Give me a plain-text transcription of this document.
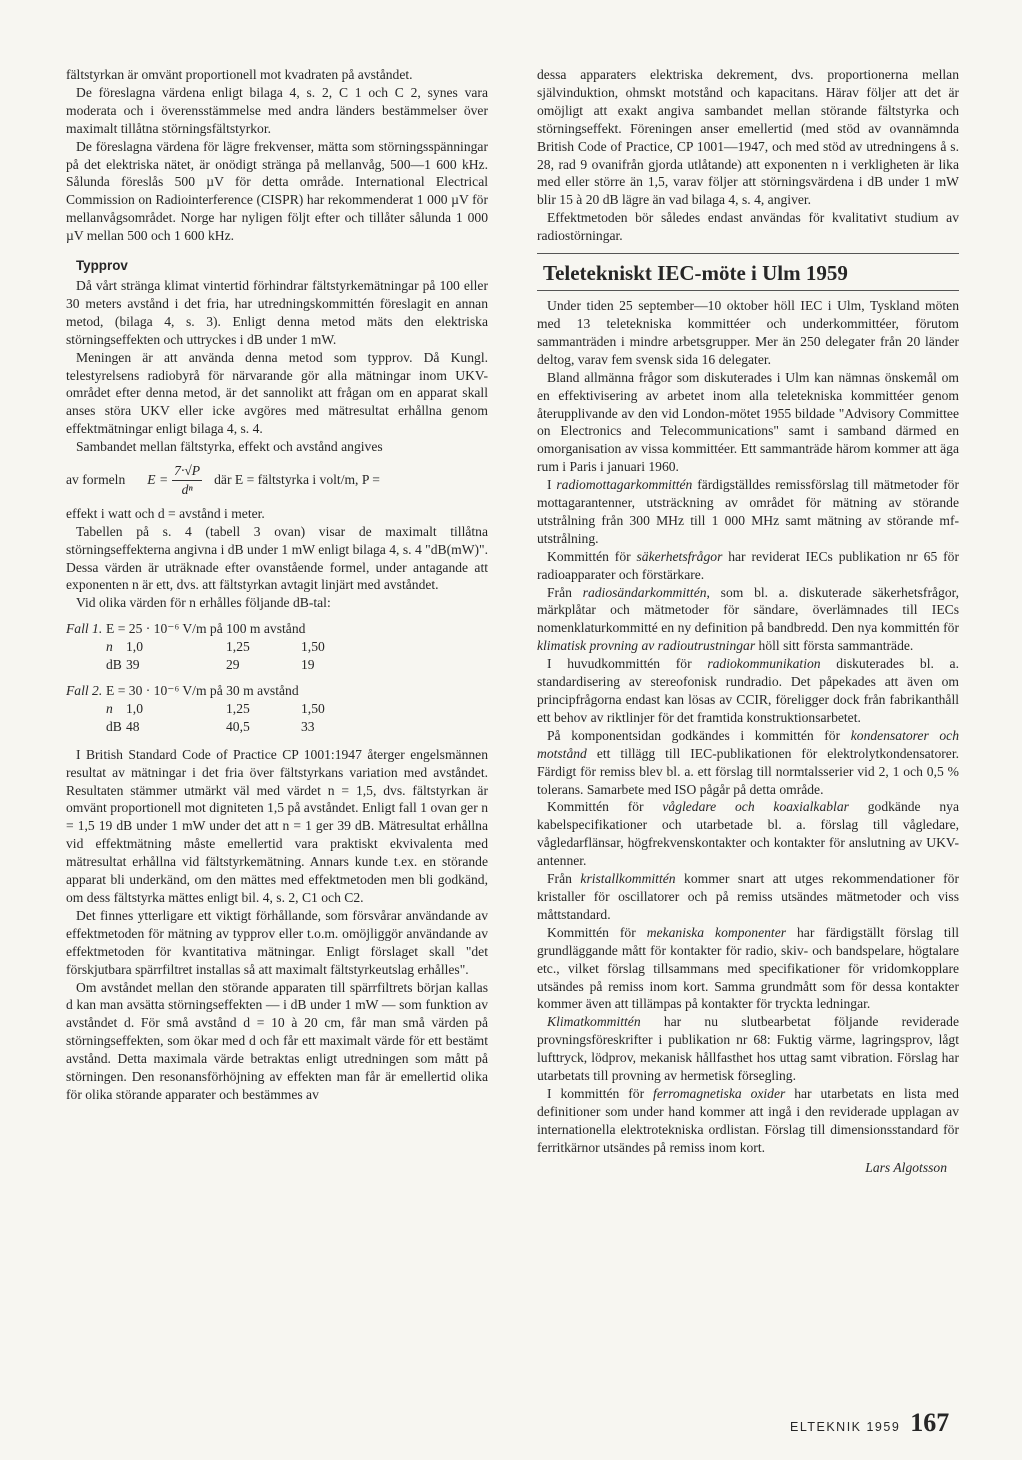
fältstyrkan är omvänt proportionell mot kvadraten på avståndet.

De föreslagna värdena enligt bilaga 4, s. 2, C 1 och C 2, synes vara moderata och i överensstämmelse med andra länders bestämmelser över maximalt tillåtna störningsfältstyrkor.

De föreslagna värdena för lägre frekvenser, mätta som störningsspänningar på det elektriska nätet, är onödigt stränga på mellanvåg, 500—1 600 kHz. Sålunda föreslås 500 µV för detta område. International Electrical Commission on Radiointerference (CISPR) har rekommenderat 1 000 µV för mellanvågsområdet. Norge har nyligen följt efter och tillåter sålunda 1 000 µV mellan 500 och 1 600 kHz.

Typprov

Då vårt stränga klimat vintertid förhindrar fältstyrkemätningar på 100 eller 30 meters avstånd i det fria, har utredningskommittén föreslagit en annan metod, (bilaga 4, s. 3). Enligt denna metod mäts den elektriska störningseffekten och uttryckes i dB under 1 mW.

Meningen är att använda denna metod som typprov. Då Kungl. telestyrelsens radiobyrå för närvarande gör alla mätningar inom UKV-området efter denna metod, är det sannolikt att frågan om en apparat skall anses störa UKV eller icke avgöres med mätresultat erhållna genom effektmätningar enligt bilaga 4, s. 4.

Sambandet mellan fältstyrka, effekt och avstånd angives

av formeln $E = \frac{7\cdot√P}{\text{dⁿ}}$ där E = fältstyrka i volt/m, P =

effekt i watt och d = avstånd i meter.

Tabellen på s. 4 (tabell 3 ovan) visar de maximalt tillåtna störningseffekterna angivna i dB under 1 mW enligt bilaga 4, s. 4 "dB(mW)". Dessa värden är uträknade efter ovanstående formel, under antagande att exponenten n är ett, dvs. att fältstyrkan avtagit linjärt med avståndet.

Vid olika värden för n erhålles följande dB-tal:

Fall 1. E = 25 · 10⁻⁶ V/m på 100 m avstånd
n 1,0	1,25	1,50
dB 39	29	19
Fall 2. E = 30 · 10⁻⁶ V/m på 30 m avstånd
n 1,0	1,25	1,50
dB 48	40,5	33

I British Standard Code of Practice CP 1001:1947 återger engelsmännen resultat av mätningar i det fria över fältstyrkans variation med avståndet. Resultaten stämmer utmärkt väl med värdet n = 1,5, dvs. fältstyrkan är omvänt proportionell mot digniteten 1,5 på avståndet. Enligt fall 1 ovan ger n = 1,5 19 dB under 1 mW under det att n = 1 ger 39 dB. Mätresultat erhållna vid effektmätning måste emellertid vara praktiskt ekvivalenta med mätresultat erhållna vid fältstyrkemätning. Annars kunde t.ex. en störande apparat bli underkänd, om den mättes med effektmetoden men bli godkänd, om dess fältstyrka mättes enligt bil. 4, s. 2, C1 och C2.

Det finnes ytterligare ett viktigt förhållande, som försvårar användande av effektmetoden för mätning av typprov eller t.o.m. omöjliggör användande av effektmetoden för kvantitativa mätningar. Enligt förslaget skall "det förskjutbara spärrfiltret installas så att maximalt fältstyrkeutslag erhålles".

Om avståndet mellan den störande apparaten till spärrfiltrets början kallas d kan man avsätta störningseffekten — i dB under 1 mW — som funktion av avståndet d. För små avstånd d = 10 à 20 cm, får man små värden på störningseffekten, som ökar med d och får ett maximalt värde för ett bestämt avstånd. Detta maximala värde betraktas enligt utredningen som mått på störningen. Den resonansförhöjning av effekten man får är emellertid olika för olika störande apparater och bestämmes av

dessa apparaters elektriska dekrement, dvs. proportionerna mellan självinduktion, ohmskt motstånd och kapacitans. Härav följer att det är omöjligt att exakt angiva sambandet mellan störande fältstyrka och störningseffekt. Föreningen anser emellertid (med stöd av ovannämnda British Code of Practice, CP 1001—1947, och med stöd av utredningens å s. 28, rad 9 ovanifrån gjorda utlåtande) att exponenten n i verkligheten är lika med eller större än 1,5, varav följer att störningsvärdena i dB under 1 mW blir 15 à 20 dB lägre än vad bilaga 4, s. 4, angiver.

Effektmetoden bör således endast användas för kvalitativt studium av radiostörningar.

Teletekniskt IEC-möte i Ulm 1959

Under tiden 25 september—10 oktober höll IEC i Ulm, Tyskland möten med 13 teletekniska kommittéer och underkommittéer, förutom sammanträden i mindre arbetsgrupper. Mer än 250 delegater från 20 länder deltog, varav fem svensk sida 16 delegater.

Bland allmänna frågor som diskuterades i Ulm kan nämnas önskemål om en effektivisering av arbetet inom alla teletekniska kommittéer genom återupplivande av den vid London-mötet 1955 bildade "Advisory Committee on Electronics and Telecommunications" samt i samband därmed en omorganisation av vissa kommittéer. Ett sammanträde härom kommer att äga rum i Paris i januari 1960.

I radiomottagarkommittén färdigställdes remissförslag till mätmetoder för mottagarantenner, utsträckning av området för mätning av störande utstrålning från 300 MHz till 1 000 MHz samt mätning av störande mf-utstrålning.

Kommittén för säkerhetsfrågor har reviderat IECs publikation nr 65 för radioapparater och förstärkare.

Från radiosändarkommittén, som bl. a. diskuterade säkerhetsfrågor, märkplåtar och mätmetoder för sändare, överlämnades till IECs nomenklaturkommitté en ny definition på bandbredd. Den nya kommittén för klimatisk provning av radioutrustningar höll sitt första sammanträde.

I huvudkommittén för radiokommunikation diskuterades bl. a. standardisering av stereofonisk rundradio. Det påpekades att även om principfrågorna endast kan lösas av CCIR, föreligger dock från fabrikanthåll ett behov av riktlinjer för det framtida konstruktionsarbetet.

På komponentsidan godkändes i kommittén för kondensatorer och motstånd ett tillägg till IEC-publikationen för elektrolytkondensatorer. Färdigt för remiss blev bl. a. ett förslag till normtalsserier vid 2, 1 och 0,5 % tolerans. Samarbete med ISO pågår på detta område.

Kommittén för vågledare och koaxialkablar godkände nya kabelspecifikationer och utarbetade bl. a. förslag till vågledare, vågledarflänsar, högfrekvenskontakter och kontakter för anslutning av UKV-antenner.

Från kristallkommittén kommer snart att utges rekommendationer för kristaller för oscillatorer och på remiss utsändes mätmetoder och viss måttstandard.

Kommittén för mekaniska komponenter har färdigställt förslag till grundläggande mått för kontakter för radio, skiv- och bandspelare, högtalare etc., vilket förslag tillsammans med specifikationer för vridomkopplare utsändes på remiss inom kort. Samma grundmått som för dessa kontakter kommer även att tillämpas på kontakter för tryckta ledningar.

Klimatkommittén har nu slutbearbetat följande reviderade provningsföreskrifter i publikation nr 68: Fuktig värme, lagringsprov, lågt lufttryck, lödprov, mekanisk hållfasthet hos uttag samt vibration. Förslag har utarbetats till provning av hermetisk försegling.

I kommittén för ferromagnetiska oxider har utarbetats en lista med definitioner som under hand kommer att ingå i den reviderade upplagan av internationella elektrotekniska ordlistan. Förslag till dimensionsstandard för ferritkärnor utsändes på remiss inom kort.

Lars Algotsson
ELTEKNIK 1959 167
